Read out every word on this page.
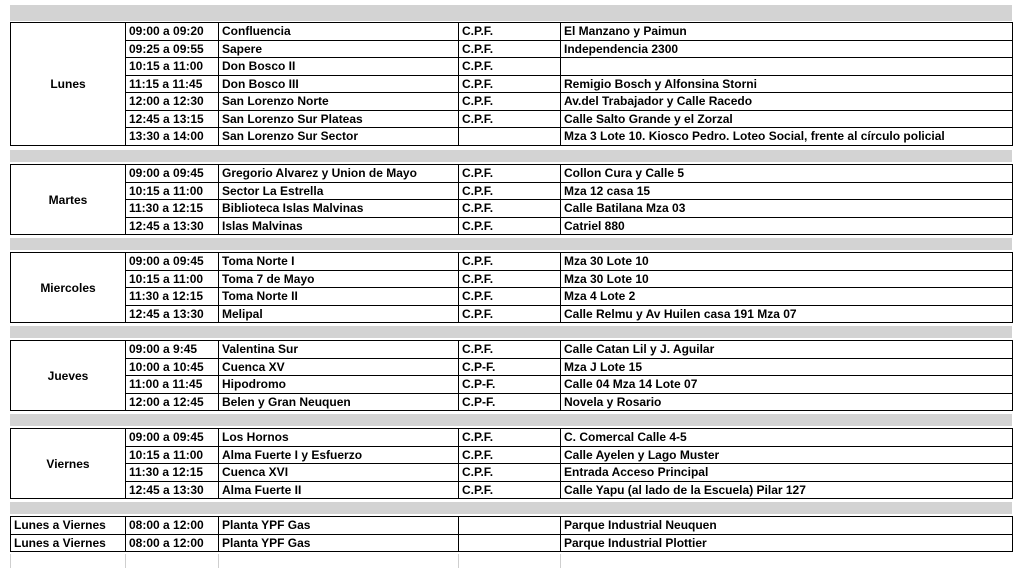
Lunes	09:00 a 09:20	Confluencia	C.P.F.	El Manzano y Paimun
	09:25 a 09:55	Sapere	C.P.F.	Independencia 2300
	10:15 a 11:00	Don Bosco II	C.P.F.	
	11:15 a 11:45	Don Bosco III	C.P.F.	Remigio Bosch y Alfonsina Storni
	12:00 a 12:30	San Lorenzo Norte	C.P.F.	Av.del Trabajador y Calle Racedo
	12:45 a 13:15	San Lorenzo Sur Plateas	C.P.F.	Calle Salto Grande y el Zorzal
	13:30 a 14:00	San Lorenzo Sur Sector		Mza 3 Lote 10. Kiosco Pedro. Loteo Social, frente al círculo policial
Martes	09:00 a 09:45	Gregorio Alvarez y Union de Mayo	C.P.F.	Collon Cura y Calle 5
	10:15 a 11:00	Sector La Estrella	C.P.F.	Mza 12 casa 15
	11:30 a 12:15	Biblioteca Islas Malvinas	C.P.F.	Calle Batilana Mza 03
	12:45 a 13:30	Islas Malvinas	C.P.F.	Catriel 880
Miercoles	09:00 a 09:45	Toma Norte I	C.P.F.	Mza 30 Lote 10
	10:15 a 11:00	Toma 7 de Mayo	C.P.F.	Mza 30 Lote 10
	11:30 a 12:15	Toma Norte II	C.P.F.	Mza 4 Lote 2
	12:45 a 13:30	Melipal	C.P.F.	Calle Relmu y Av Huilen casa 191 Mza 07
Jueves	09:00 a 9:45	Valentina Sur	C.P.F.	Calle Catan Lil y J. Aguilar
	10:00 a 10:45	Cuenca XV	C.P-F.	Mza J Lote 15
	11:00 a 11:45	Hipodromo	C.P-F.	Calle 04 Mza 14 Lote 07
	12:00 a 12:45	Belen y Gran Neuquen	C.P-F.	Novela y Rosario
Viernes	09:00 a 09:45	Los Hornos	C.P.F.	C. Comercal Calle 4-5
	10:15 a 11:00	Alma Fuerte I y Esfuerzo	C.P.F.	Calle Ayelen y Lago Muster
	11:30 a 12:15	Cuenca XVI	C.P.F.	Entrada Acceso Principal
	12:45 a 13:30	Alma Fuerte II	C.P.F.	Calle Yapu (al lado de la Escuela) Pilar 127
Lunes a Viernes	08:00 a 12:00	Planta YPF Gas		Parque Industrial Neuquen
Lunes a Viernes	08:00 a 12:00	Planta YPF Gas		Parque Industrial Plottier
